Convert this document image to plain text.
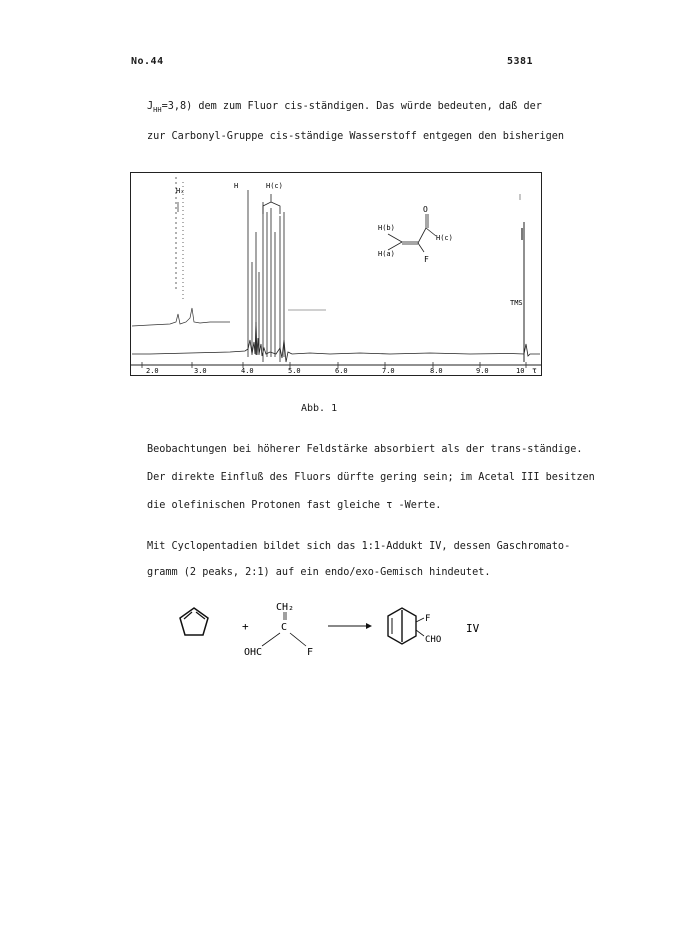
No.44	5381
$J_{HH}=3,8$) dem zum Fluor cis-ständigen. Das würde bedeuten, daß der
zur Carbonyl-Gruppe cis-ständige Wasserstoff entgegen den bisherigen
2.0	3.0	4.0	5.0	6.0	7.0	8.0	9.0	10 τ
Hₓ
H	H(c)
TMS
H(b)
H(a)
H(c)
O
F
Abb. 1
Beobachtungen bei höherer Feldstärke absorbiert als der trans-ständige.
Der direkte Einfluß des Fluors dürfte gering sein; im Acetal III besitzen
die olefinischen Protonen fast gleiche τ -Werte.
Mit Cyclopentadien bildet sich das 1:1-Addukt IV, dessen Gaschromato-
gramm (2 peaks, 2:1) auf ein endo/exo-Gemisch hindeutet.
+
CH₂
C
OHC	F
F
CHO
IV
